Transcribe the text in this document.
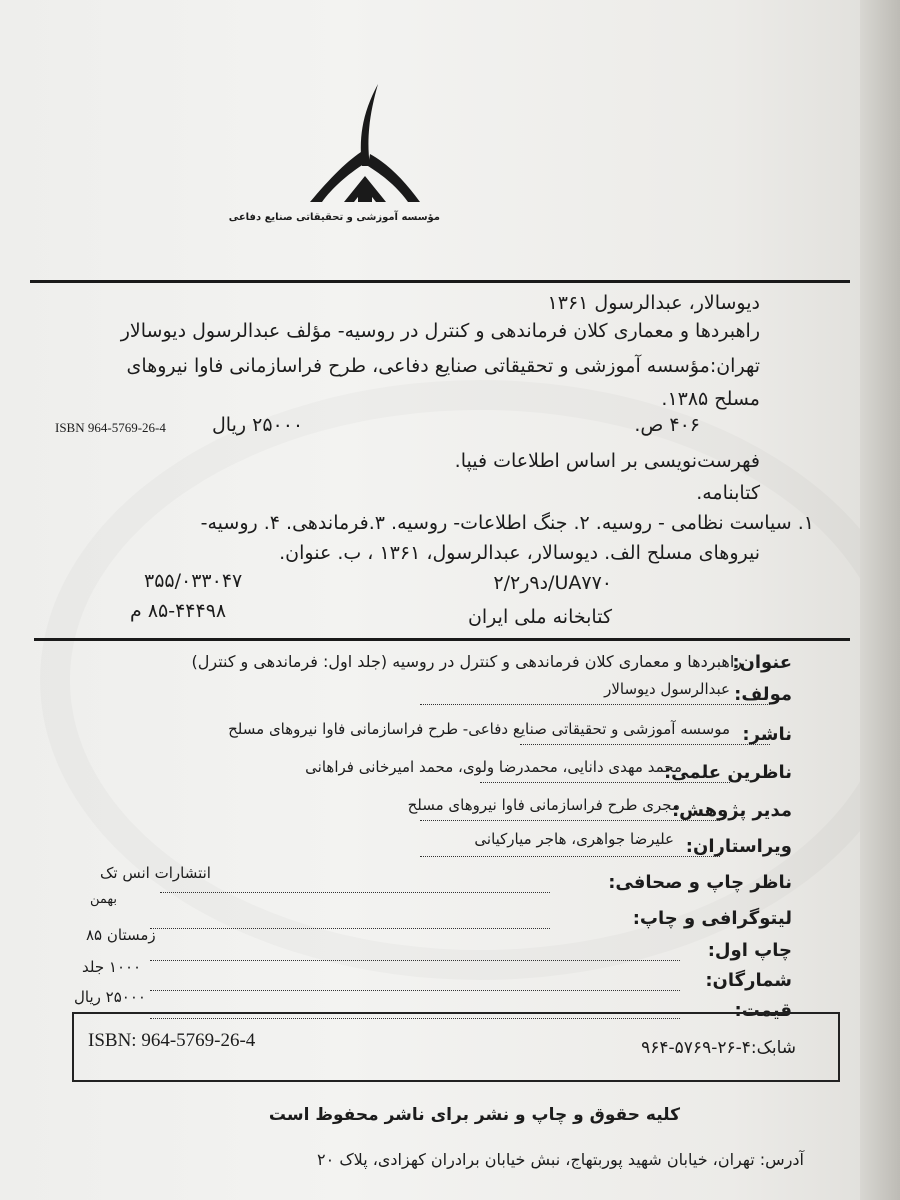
مؤسسه آموزشی و تحقیقاتی صنایع دفاعی
دیوسالار، عبدالرسول ۱۳۶۱
راهبردها و معماری کلان فرماندهی و کنترل در روسیه- مؤلف عبدالرسول دیوسالار
تهران:مؤسسه آموزشی و تحقیقاتی صنایع دفاعی، طرح فراسازمانی فاوا نیروهای
مسلح ۱۳۸۵.
ISBN 964-5769-26-4 ۲۵۰۰۰ ریال	۴۰۶ ص.
فهرست‌نویسی بر اساس اطلاعات فیپا.
کتابنامه.
۱. سیاست نظامی - روسیه. ۲. جنگ اطلاعات- روسیه. ۳.فرماندهی. ۴. روسیه-
نیروهای مسلح الف. دیوسالار، عبدالرسول، ۱۳۶۱ ، ب. عنوان.
۳۵۵/۰۳۳۰۴۷	UA۷۷۰/د۹ر۲/۲
۸۵-۴۴۴۹۸ م	کتابخانه ملی ایران
عنوان:
راهبردها و معماری کلان فرماندهی و کنترل در روسیه (جلد اول: فرماندهی و کنترل)
مولف:
عبدالرسول دیوسالار
ناشر:
موسسه آموزشی و تحقیقاتی صنایع دفاعی- طرح فراسازمانی فاوا نیروهای مسلح
ناظرین علمی:
محمد مهدی دانایی، محمدرضا ولوی، محمد امیرخانی فراهانی
مدیر پژوهش:
مجری طرح فراسازمانی فاوا نیروهای مسلح
ویراستاران:
علیرضا جواهری، هاجر میارکیانی
ناظر چاپ و صحافی:
انتشارات انس تک
لیتوگرافی و چاپ:
بهمن
چاپ اول:
زمستان ۸۵
شمارگان:
۱۰۰۰ جلد
قیمت:
۲۵۰۰۰ ریال
ISBN: 964-5769-26-4	شابک:۴-۲۶-۵۷۶۹-۹۶۴
کلیه حقوق و چاپ و نشر برای ناشر محفوظ است
آدرس: تهران، خیابان شهید پوربتهاج، نبش خیابان برادران کهزادی، پلاک ۲۰
